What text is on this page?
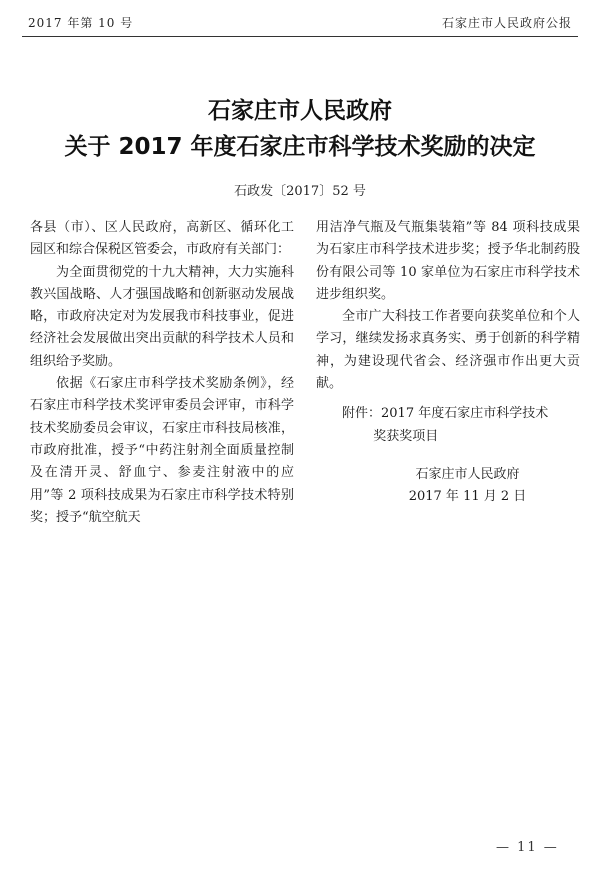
2017 年第 10 号	石家庄市人民政府公报
石家庄市人民政府
关于 2017 年度石家庄市科学技术奖励的决定
石政发〔2017〕52 号

各县（市）、区人民政府，高新区、循环化工园区和综合保税区管委会，市政府有关部门：

为全面贯彻党的十九大精神，大力实施科教兴国战略、人才强国战略和创新驱动发展战略，市政府决定对为发展我市科技事业，促进经济社会发展做出突出贡献的科学技术人员和组织给予奖励。

依据《石家庄市科学技术奖励条例》，经石家庄市科学技术奖评审委员会评审，市科学技术奖励委员会审议，石家庄市科技局核准，市政府批准，授予“中药注射剂全面质量控制及在清开灵、舒血宁、参麦注射液中的应用”等 2 项科技成果为石家庄市科学技术特别奖；授予“航空航天

用洁净气瓶及气瓶集装箱”等 84 项科技成果为石家庄市科学技术进步奖；授予华北制药股份有限公司等 10 家单位为石家庄市科学技术进步组织奖。

全市广大科技工作者要向获奖单位和个人学习，继续发扬求真务实、勇于创新的科学精神，为建设现代省会、经济强市作出更大贡献。

附件：2017 年度石家庄市科学技术

奖获奖项目

石家庄市人民政府

2017 年 11 月 2 日

— 11 —
